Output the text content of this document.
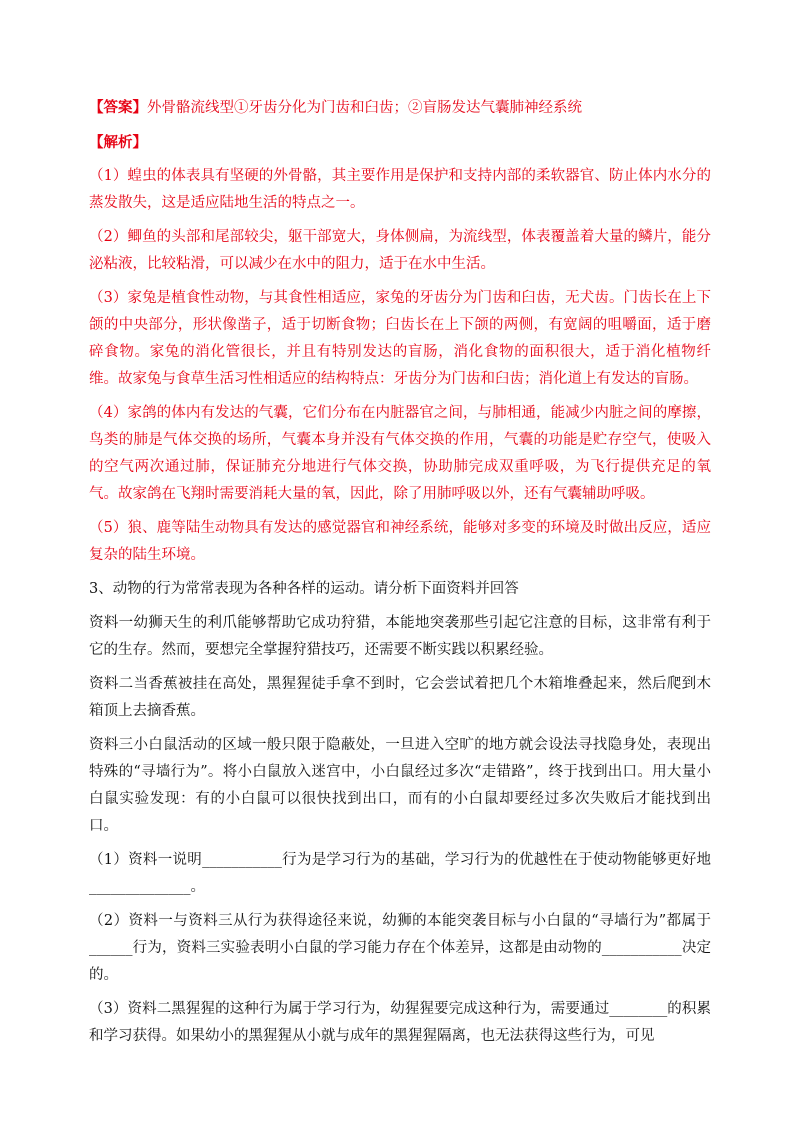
【答案】外骨骼流线型①牙齿分化为门齿和臼齿；②盲肠发达气囊肺神经系统

【解析】

（1）蝗虫的体表具有坚硬的外骨骼，其主要作用是保护和支持内部的柔软器官、防止体内水分的蒸发散失，这是适应陆地生活的特点之一。

（2）鲫鱼的头部和尾部较尖，躯干部宽大，身体侧扁，为流线型，体表覆盖着大量的鳞片，能分泌粘液，比较粘滑，可以减少在水中的阻力，适于在水中生活。

（3）家兔是植食性动物，与其食性相适应，家兔的牙齿分为门齿和臼齿，无犬齿。门齿长在上下颌的中央部分，形状像凿子，适于切断食物；臼齿长在上下颌的两侧，有宽阔的咀嚼面，适于磨碎食物。家兔的消化管很长，并且有特别发达的盲肠，消化食物的面积很大，适于消化植物纤维。故家兔与食草生活习性相适应的结构特点：牙齿分为门齿和臼齿；消化道上有发达的盲肠。

（4）家鸽的体内有发达的气囊，它们分布在内脏器官之间，与肺相通，能减少内脏之间的摩擦，鸟类的肺是气体交换的场所，气囊本身并没有气体交换的作用，气囊的功能是贮存空气，使吸入的空气两次通过肺，保证肺充分地进行气体交换，协助肺完成双重呼吸，为飞行提供充足的氧气。故家鸽在飞翔时需要消耗大量的氧，因此，除了用肺呼吸以外，还有气囊辅助呼吸。

（5）狼、鹿等陆生动物具有发达的感觉器官和神经系统，能够对多变的环境及时做出反应，适应复杂的陆生环境。

3、动物的行为常常表现为各种各样的运动。请分析下面资料并回答

资料一幼狮天生的利爪能够帮助它成功狩猎，本能地突袭那些引起它注意的目标，这非常有利于它的生存。然而，要想完全掌握狩猎技巧，还需要不断实践以积累经验。

资料二当香蕉被挂在高处，黑猩猩徒手拿不到时，它会尝试着把几个木箱堆叠起来，然后爬到木箱顶上去摘香蕉。

资料三小白鼠活动的区域一般只限于隐蔽处，一旦进入空旷的地方就会设法寻找隐身处，表现出特殊的“寻墙行为”。将小白鼠放入迷宫中，小白鼠经过多次“走错路”，终于找到出口。用大量小白鼠实验发现：有的小白鼠可以很快找到出口，而有的小白鼠却要经过多次失败后才能找到出口。

（1）资料一说明___________行为是学习行为的基础，学习行为的优越性在于使动物能够更好地______________。

（2）资料一与资料三从行为获得途径来说，幼狮的本能突袭目标与小白鼠的“寻墙行为”都属于______行为，资料三实验表明小白鼠的学习能力存在个体差异，这都是由动物的___________决定的。

（3）资料二黑猩猩的这种行为属于学习行为，幼猩猩要完成这种行为，需要通过________的积累和学习获得。如果幼小的黑猩猩从小就与成年的黑猩猩隔离，也无法获得这些行为，可见
